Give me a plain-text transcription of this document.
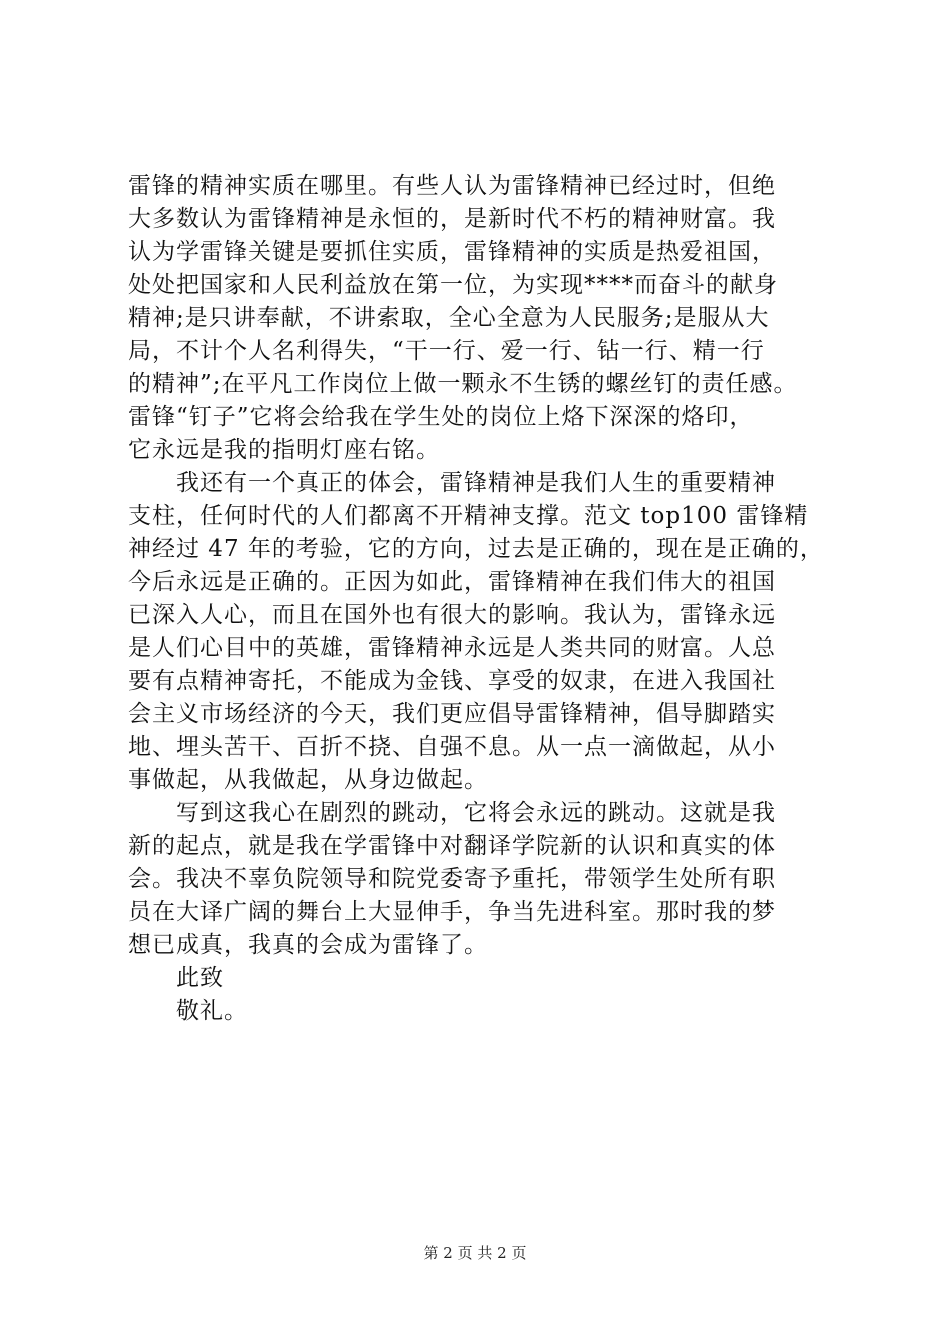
雷锋的精神实质在哪里。有些人认为雷锋精神已经过时，但绝
大多数认为雷锋精神是永恒的，是新时代不朽的精神财富。我
认为学雷锋关键是要抓住实质，雷锋精神的实质是热爱祖国，
处处把国家和人民利益放在第一位，为实现****而奋斗的献身
精神;是只讲奉献，不讲索取，全心全意为人民服务;是服从大
局，不计个人名利得失，“干一行、爱一行、钻一行、精一行
的精神”;在平凡工作岗位上做一颗永不生锈的螺丝钉的责任感。
雷锋“钉子”它将会给我在学生处的岗位上烙下深深的烙印，
它永远是我的指明灯座右铭。
我还有一个真正的体会，雷锋精神是我们人生的重要精神
支柱，任何时代的人们都离不开精神支撑。范文 top100 雷锋精
神经过 47 年的考验，它的方向，过去是正确的，现在是正确的，
今后永远是正确的。正因为如此，雷锋精神在我们伟大的祖国
已深入人心，而且在国外也有很大的影响。我认为，雷锋永远
是人们心目中的英雄，雷锋精神永远是人类共同的财富。人总
要有点精神寄托，不能成为金钱、享受的奴隶，在进入我国社
会主义市场经济的今天，我们更应倡导雷锋精神，倡导脚踏实
地、埋头苦干、百折不挠、自强不息。从一点一滴做起，从小
事做起，从我做起，从身边做起。
写到这我心在剧烈的跳动，它将会永远的跳动。这就是我
新的起点，就是我在学雷锋中对翻译学院新的认识和真实的体
会。我决不辜负院领导和院党委寄予重托，带领学生处所有职
员在大译广阔的舞台上大显伸手，争当先进科室。那时我的梦
想已成真，我真的会成为雷锋了。
此致
敬礼。
第 2 页 共 2 页
